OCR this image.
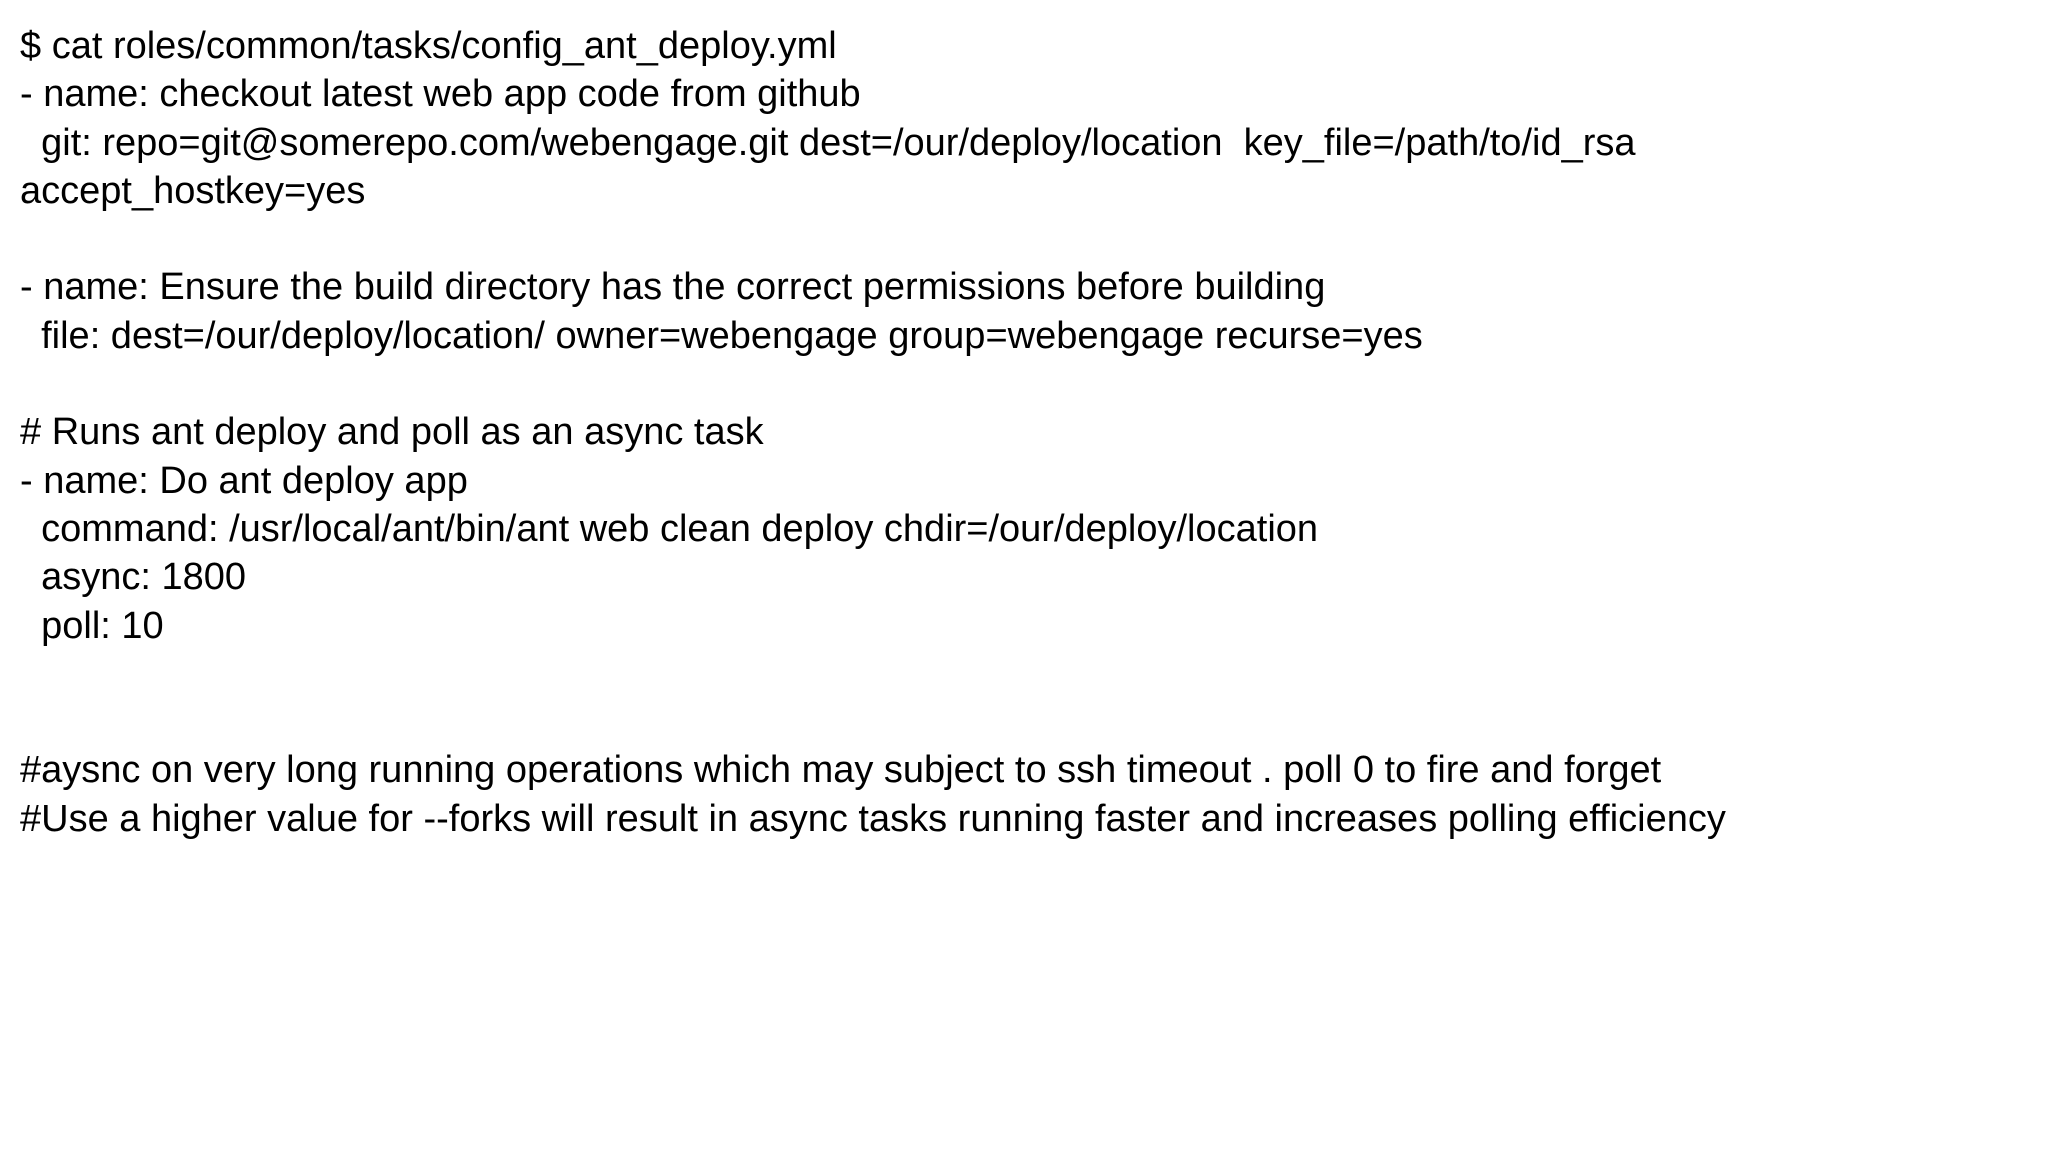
$ cat roles/common/tasks/config_ant_deploy.yml
- name: checkout latest web app code from github
git: repo=git@somerepo.com/webengage.git dest=/our/deploy/location  key_file=/path/to/id_rsa
accept_hostkey=yes
- name: Ensure the build directory has the correct permissions before building
file: dest=/our/deploy/location/ owner=webengage group=webengage recurse=yes
# Runs ant deploy and poll as an async task
- name: Do ant deploy app
command: /usr/local/ant/bin/ant web clean deploy chdir=/our/deploy/location
async: 1800
poll: 10
#aysnc on very long running operations which may subject to ssh timeout . poll 0 to fire and forget
#Use a higher value for --forks will result in async tasks running faster and increases polling efficiency
